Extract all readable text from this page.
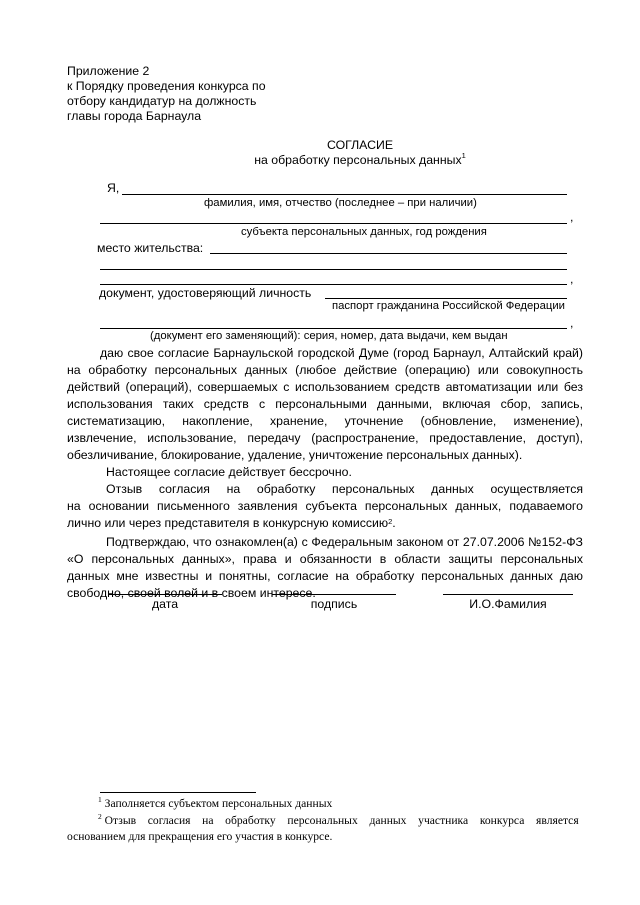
Приложение 2
к Порядку проведения конкурса по
отбору кандидатур на должность
главы города Барнаула
СОГЛАСИЕ
на обработку персональных данных$^1$
Я,
фамилия, имя, отчество (последнее – при наличии)
,
субъекта персональных данных, год рождения
место жительства:
,
документ, удостоверяющий личность
паспорт гражданина Российской Федерации
,
(документ его заменяющий): серия, номер, дата выдачи, кем выдан
даю свое согласие Барнаульской городской Думе (город Барнаул, Алтайский край)
на обработку персональных данных (любое действие (операцию) или совокупность
действий (операций), совершаемых с использованием средств автоматизации или без
использования таких средств с персональными данными, включая сбор, запись,
систематизацию, накопление, хранение, уточнение (обновление, изменение),
извлечение, использование, передачу (распространение, предоставление, доступ),
обезличивание, блокирование, удаление, уничтожение персональных данных).
Настоящее согласие действует бессрочно.
Отзыв согласия на обработку персональных данных осуществляется
на основании письменного заявления субъекта персональных данных, подаваемого
лично или через представителя в конкурсную комиссию$^2$.
Подтверждаю, что ознакомлен(а) с Федеральным законом от 27.07.2006 №152-ФЗ
«О персональных данных», права и обязанности в области защиты персональных
данных мне известны и понятны, согласие на обработку персональных данных даю
свободно, своей волей и в своем интересе.
дата	подпись	И.О.Фамилия
$^1$ Заполняется субъектом персональных данных
$^2$ Отзыв согласия на обработку персональных данных участника конкурса является
основанием для прекращения его участия в конкурсе.
